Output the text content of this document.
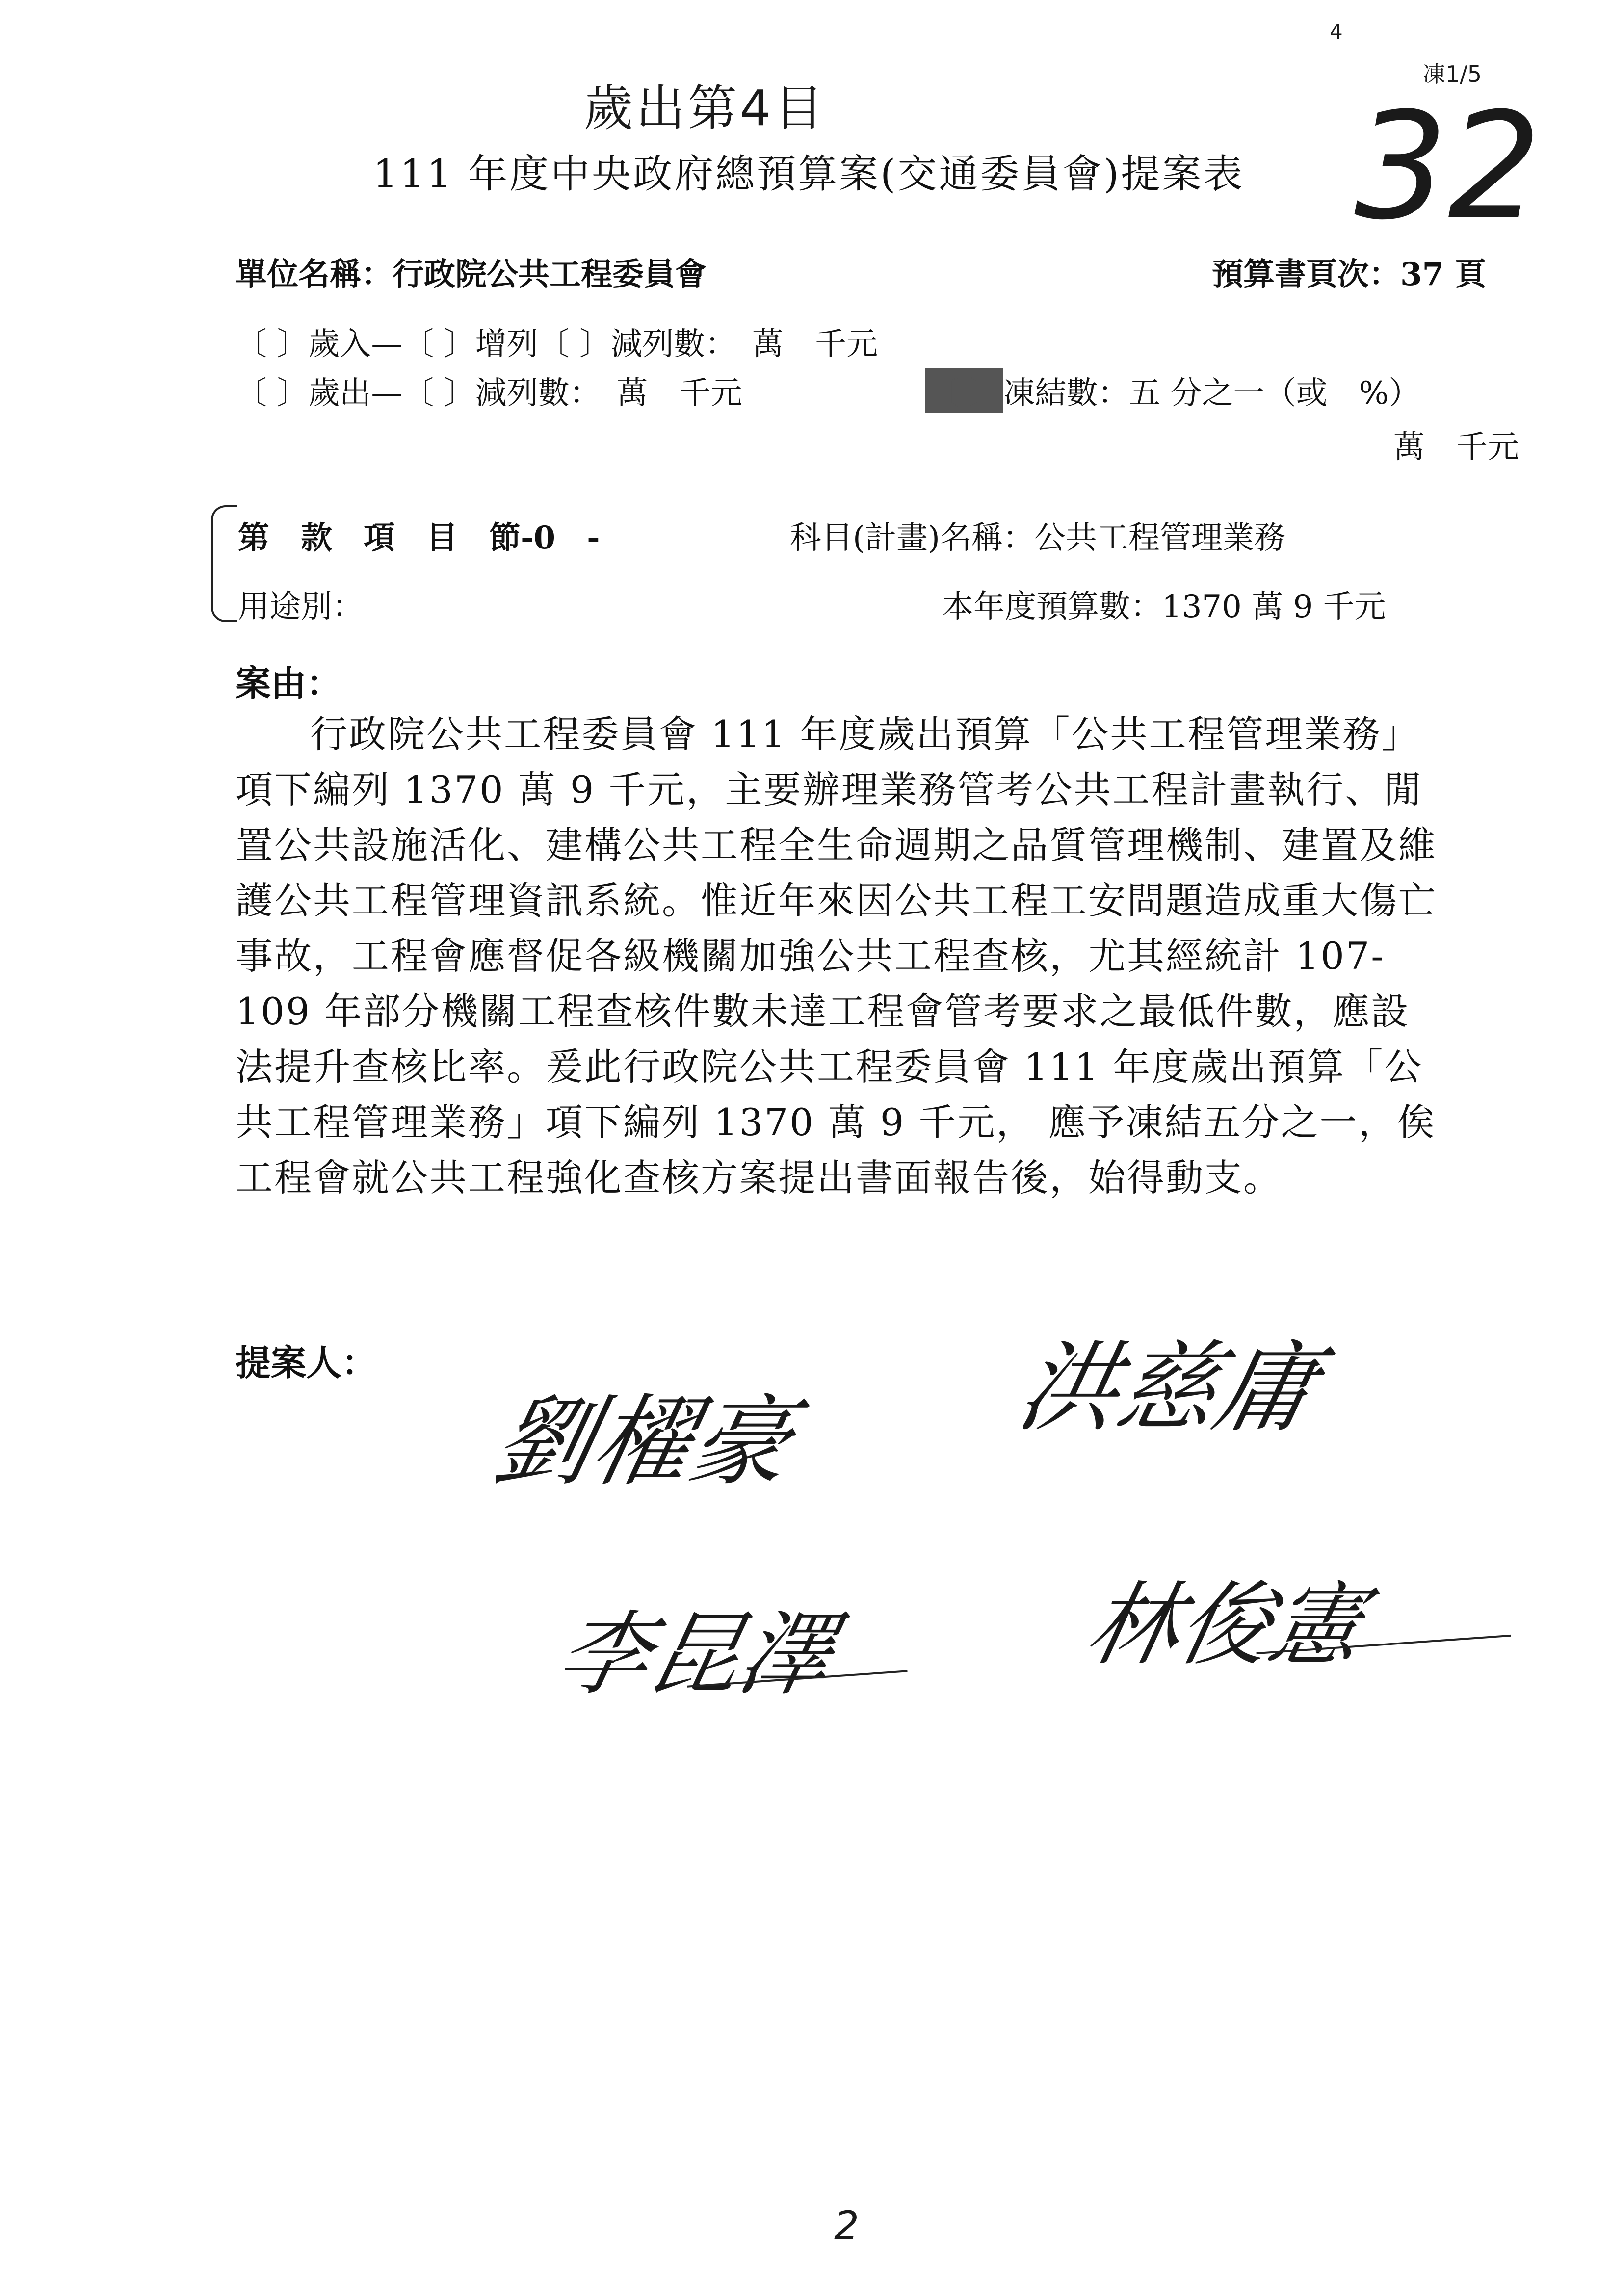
歲出第4目
111 年度中央政府總預算案(交通委員會)提案表
4
凍1/5
32
單位名稱：行政院公共工程委員會	預算書頁次：37 頁
〔 〕歲入—〔 〕增列〔 〕減列數：　萬　千元
〔 〕歲出—〔 〕減列數：　萬　千元	〔 〕凍結數：五 分之一（或　%）
萬　千元
第　款　項　目　節-0　-	科目(計畫)名稱：公共工程管理業務
用途別：	本年度預算數：1370 萬 9 千元
案由：
行政院公共工程委員會 111 年度歲出預算「公共工程管理業務」項下編列 1370 萬 9 千元，主要辦理業務管考公共工程計畫執行、閒置公共設施活化、建構公共工程全生命週期之品質管理機制、建置及維護公共工程管理資訊系統。惟近年來因公共工程工安問題造成重大傷亡事故，工程會應督促各級機關加強公共工程查核，尤其經統計 107-109 年部分機關工程查核件數未達工程會管考要求之最低件數，應設法提升查核比率。爰此行政院公共工程委員會 111 年度歲出預算「公共工程管理業務」項下編列 1370 萬 9 千元， 應予凍結五分之一，俟工程會就公共工程強化查核方案提出書面報告後，始得動支。
提案人：
劉櫂豪 洪慈庸
李昆澤	林俊憲
2
